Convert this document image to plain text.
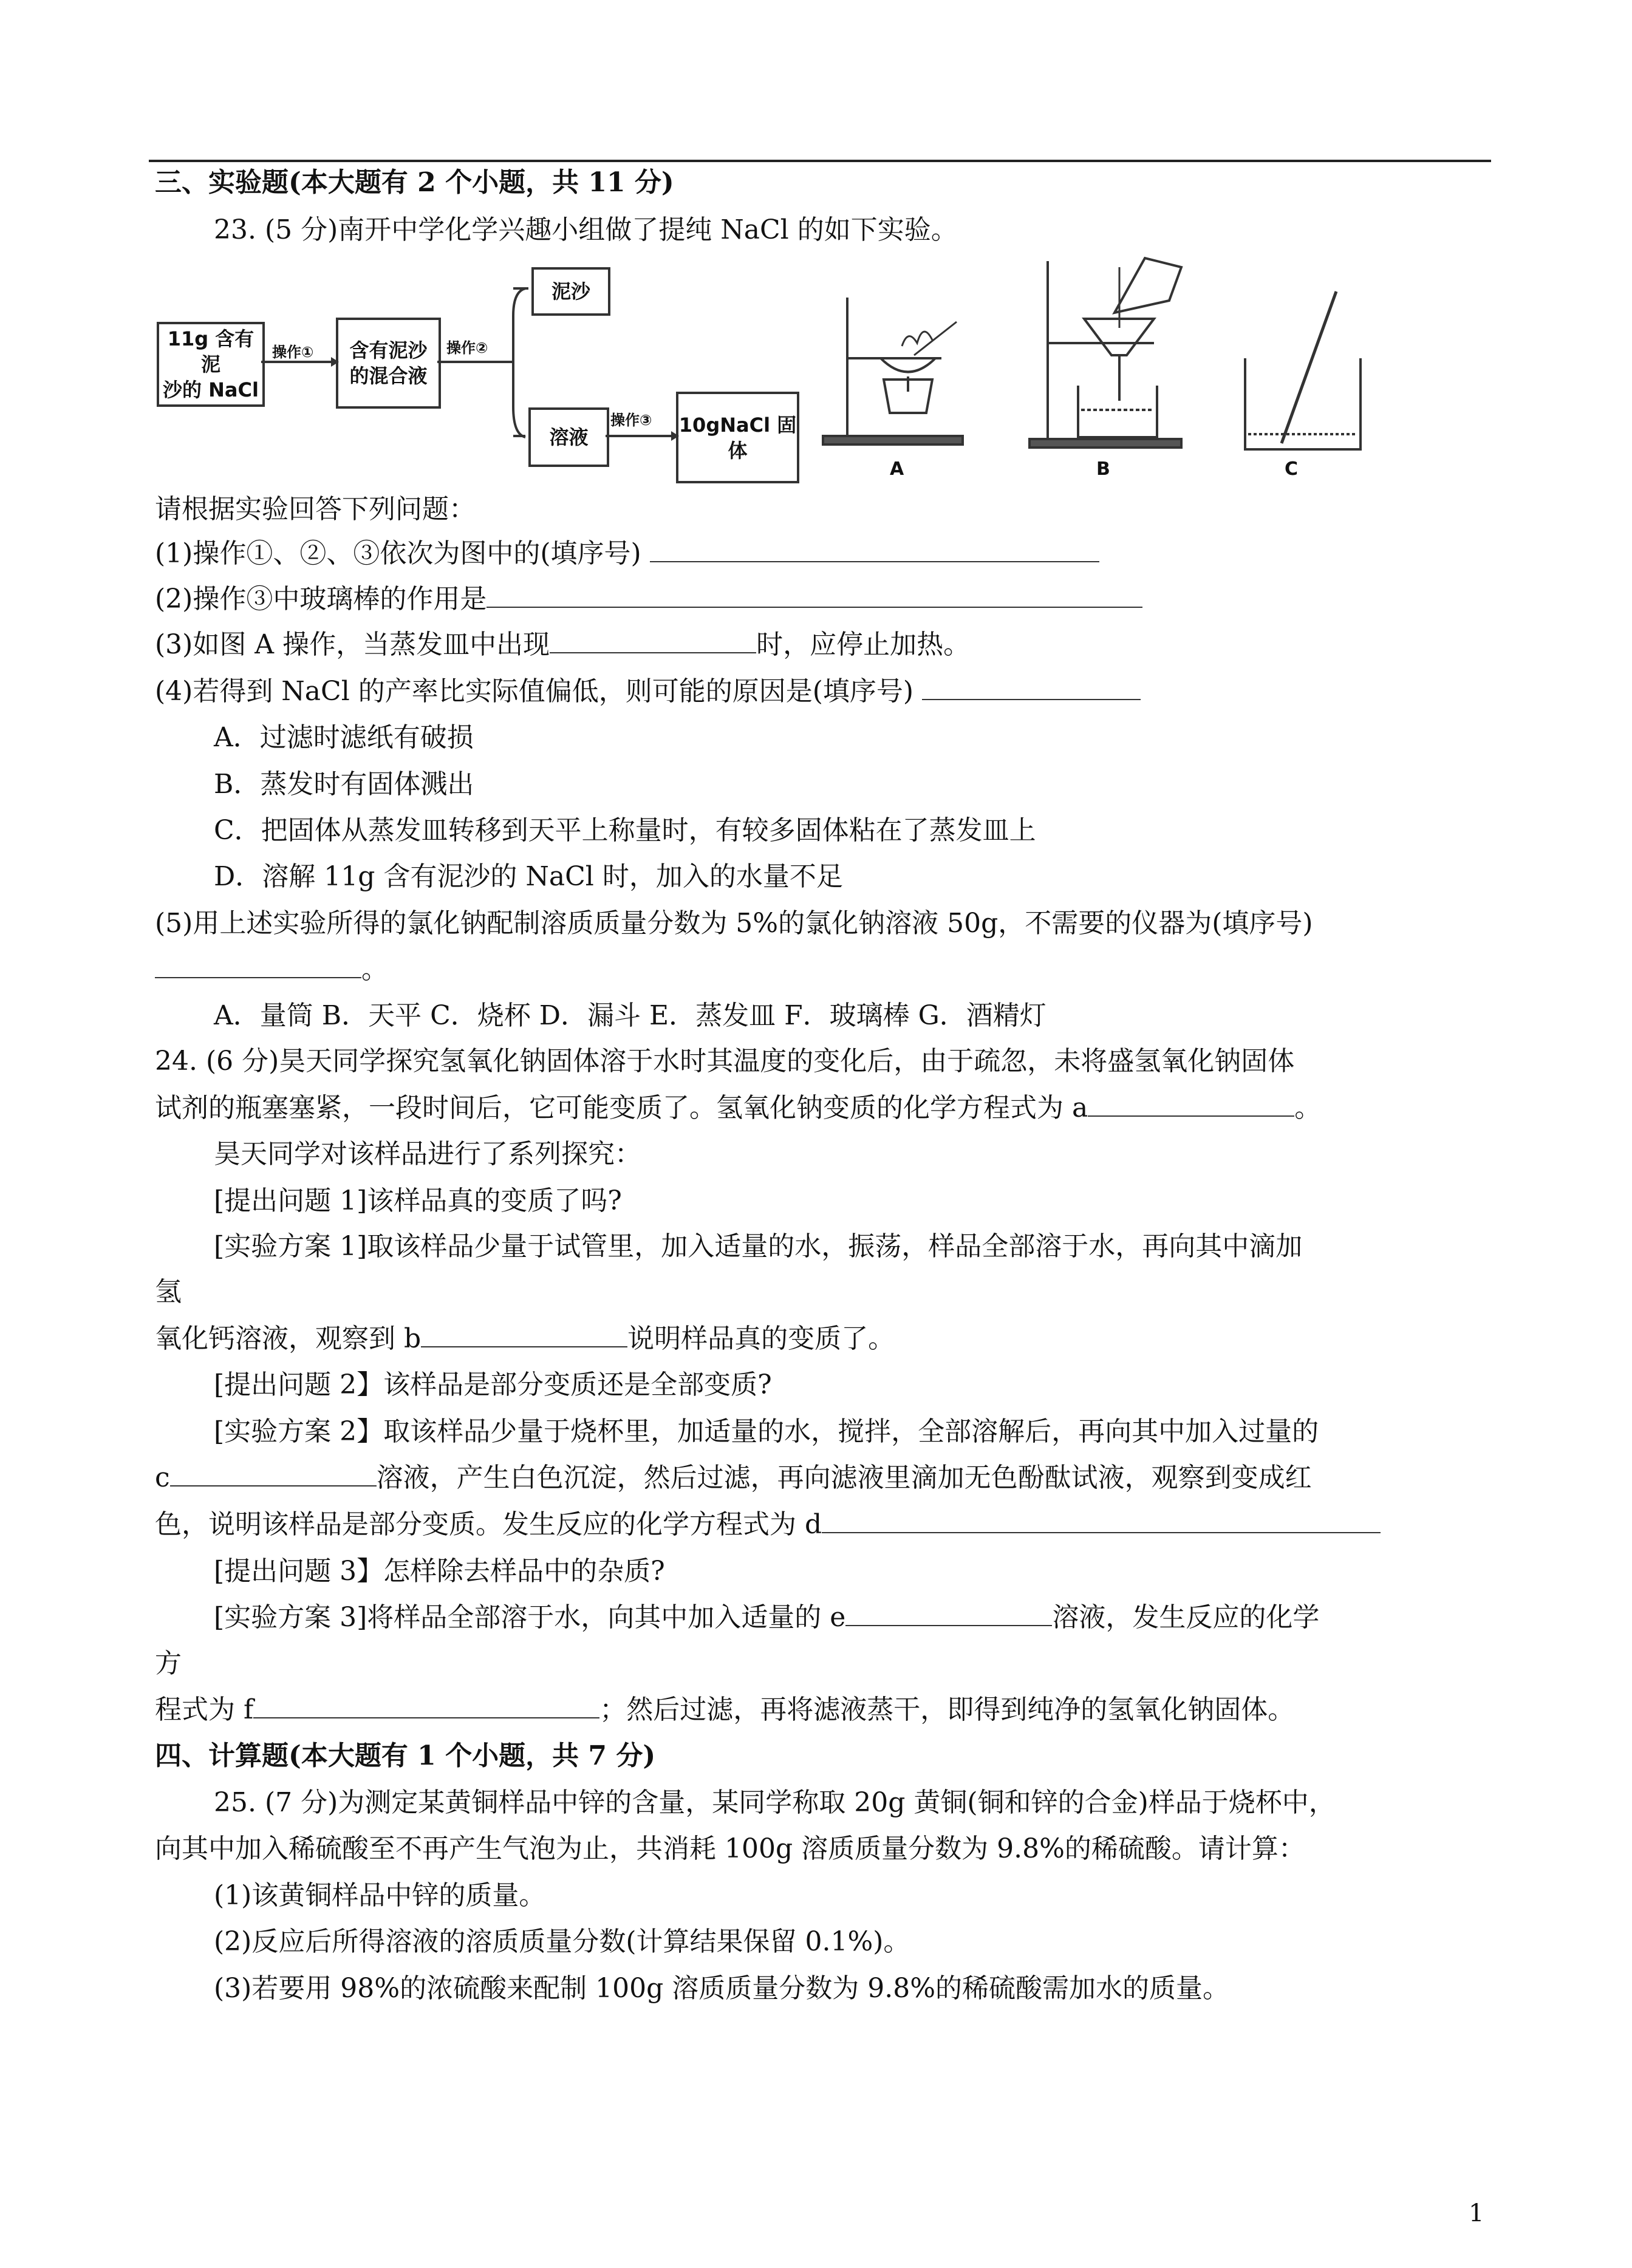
三、实验题(本大题有 2 个小题，共 11 分)
23. (5 分)南开中学化学兴趣小组做了提纯 NaCl 的如下实验。
11g 含有泥
沙的 NaCl
含有泥沙
的混合液
泥沙
溶液
10gNaCl 固
体
操作①	操作②
操作③
A	B	C
请根据实验回答下列问题：
(1)操作①、②、③依次为图中的(填序号)
(2)操作③中玻璃棒的作用是
(3)如图 A 操作，当蒸发皿中出现	时，应停止加热。
(4)若得到 NaCl 的产率比实际值偏低，则可能的原因是(填序号)
A．过滤时滤纸有破损
B．蒸发时有固体溅出
C．把固体从蒸发皿转移到天平上称量时，有较多固体粘在了蒸发皿上
D．溶解 11g 含有泥沙的 NaCl 时，加入的水量不足
(5)用上述实验所得的氯化钠配制溶质质量分数为 5%的氯化钠溶液 50g，不需要的仪器为(填序号)
。
A．量筒 B．天平 C．烧杯 D．漏斗 E．蒸发皿 F．玻璃棒 G．酒精灯
24. (6 分)昊天同学探究氢氧化钠固体溶于水时其温度的变化后，由于疏忽，未将盛氢氧化钠固体
试剂的瓶塞塞紧，一段时间后，它可能变质了。氢氧化钠变质的化学方程式为 a	。
昊天同学对该样品进行了系列探究：
[提出问题 1]该样品真的变质了吗?
[实验方案 1]取该样品少量于试管里，加入适量的水，振荡，样品全部溶于水，再向其中滴加
氢
氧化钙溶液，观察到 b	说明样品真的变质了。
[提出问题 2】该样品是部分变质还是全部变质?
[实验方案 2】取该样品少量于烧杯里，加适量的水，搅拌，全部溶解后，再向其中加入过量的
c	溶液，产生白色沉淀，然后过滤，再向滤液里滴加无色酚酞试液，观察到变成红
色，说明该样品是部分变质。发生反应的化学方程式为 d
[提出问题 3】怎样除去样品中的杂质?
[实验方案 3]将样品全部溶于水，向其中加入适量的 e	溶液，发生反应的化学
方
程式为 f	；然后过滤，再将滤液蒸干，即得到纯净的氢氧化钠固体。
四、计算题(本大题有 1 个小题，共 7 分)
25. (7 分)为测定某黄铜样品中锌的含量，某同学称取 20g 黄铜(铜和锌的合金)样品于烧杯中，
向其中加入稀硫酸至不再产生气泡为止，共消耗 100g 溶质质量分数为 9.8%的稀硫酸。请计算：
(1)该黄铜样品中锌的质量。
(2)反应后所得溶液的溶质质量分数(计算结果保留 0.1%)。
(3)若要用 98%的浓硫酸来配制 100g 溶质质量分数为 9.8%的稀硫酸需加水的质量。
1
